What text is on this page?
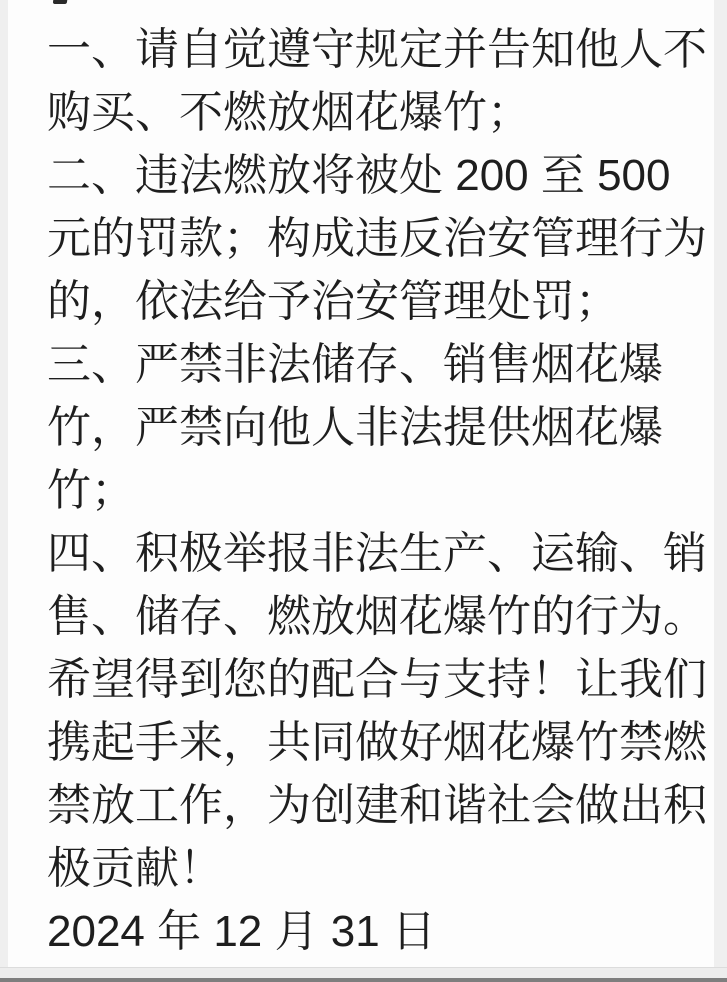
一、请自觉遵守规定并告知他人不
购买、不燃放烟花爆竹；
二、违法燃放将被处 200 至 500
元的罚款；构成违反治安管理行为
的，依法给予治安管理处罚；
三、严禁非法储存、销售烟花爆
竹，严禁向他人非法提供烟花爆
竹；
四、积极举报非法生产、运输、销
售、储存、燃放烟花爆竹的行为。
希望得到您的配合与支持！让我们
携起手来，共同做好烟花爆竹禁燃
禁放工作，为创建和谐社会做出积
极贡献！
2024 年 12 月 31 日
